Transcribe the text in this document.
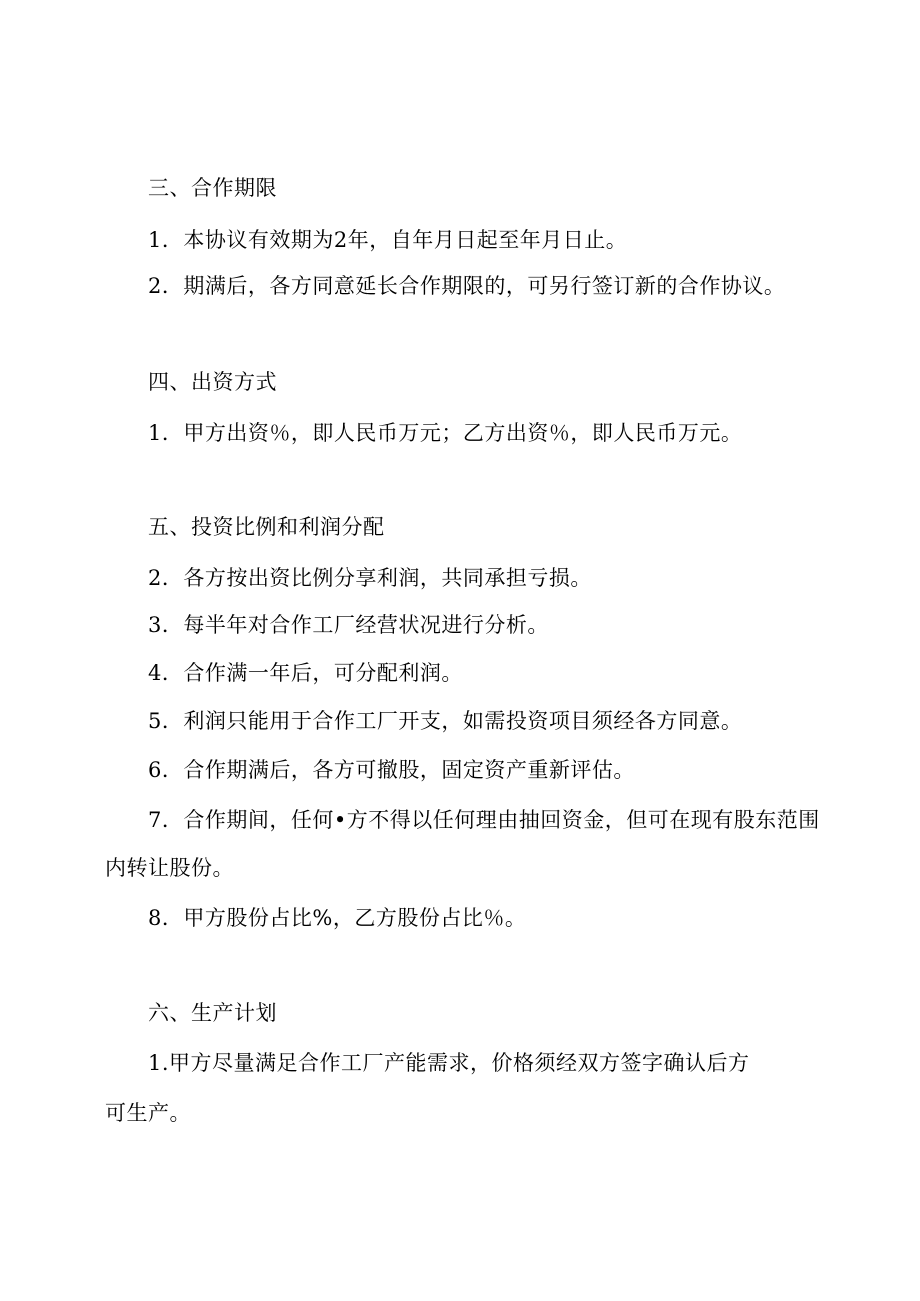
三、合作期限
1．本协议有效期为2年，自年月日起至年月日止。
2．期满后，各方同意延长合作期限的，可另行签订新的合作协议。
四、出资方式
1．甲方出资％，即人民币万元；乙方出资％，即人民币万元。
五、投资比例和利润分配
2．各方按出资比例分享利润，共同承担亏损。
3．每半年对合作工厂经营状况进行分析。
4．合作满一年后，可分配利润。
5．利润只能用于合作工厂开支，如需投资项目须经各方同意。
6．合作期满后，各方可撤股，固定资产重新评估。
7．合作期间，任何•方不得以任何理由抽回资金，但可在现有股东范围
内转让股份。
8．甲方股份占比%，乙方股份占比％。
六、生产计划
1.甲方尽量满足合作工厂产能需求，价格须经双方签字确认后方
可生产。
